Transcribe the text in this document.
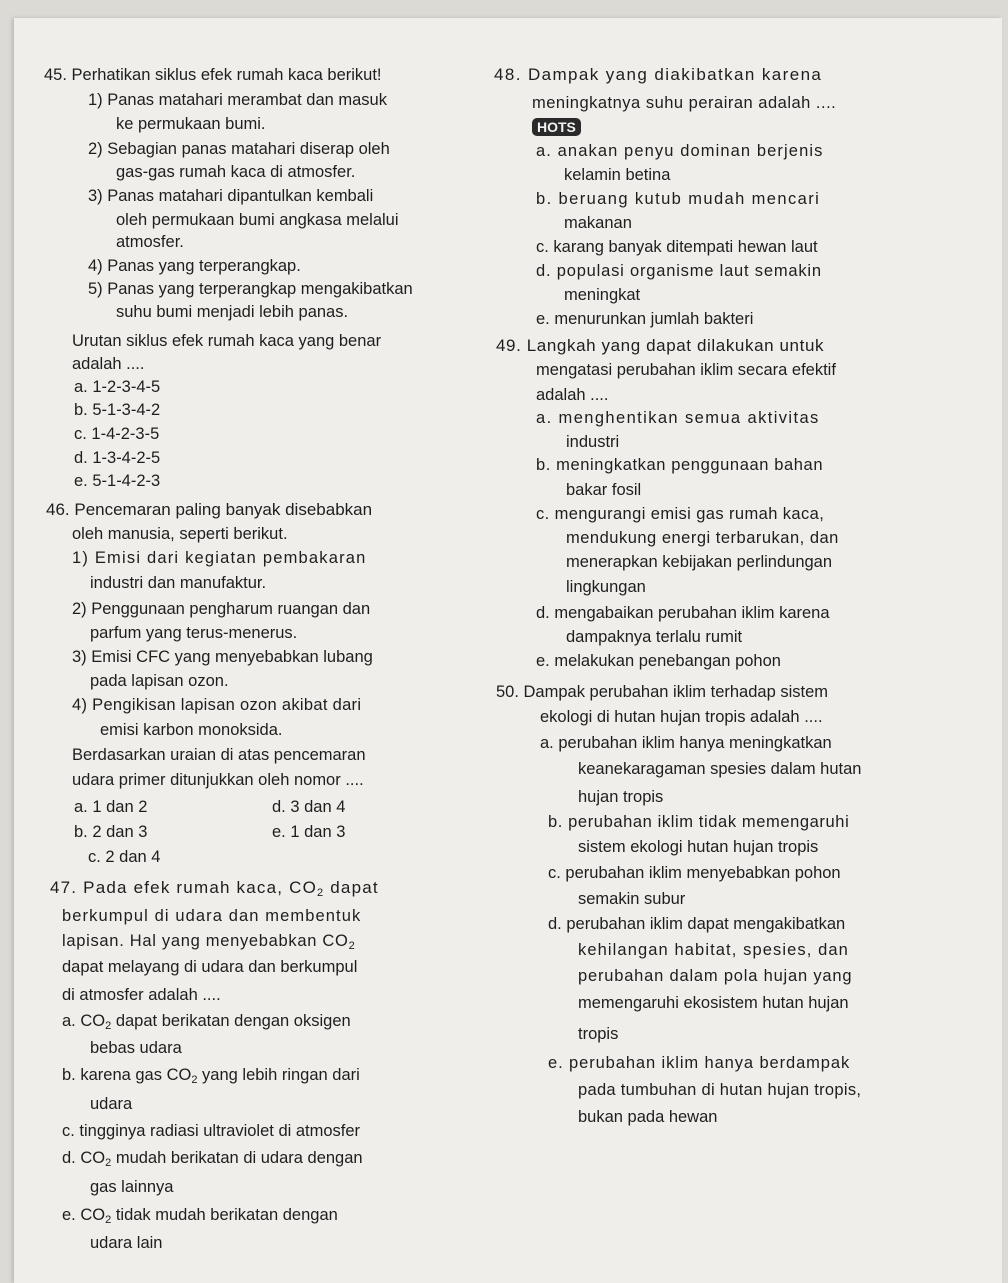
45. Perhatikan siklus efek rumah kaca berikut!
1) Panas matahari merambat dan masuk
ke permukaan bumi.
2) Sebagian panas matahari diserap oleh
gas-gas rumah kaca di atmosfer.
3) Panas matahari dipantulkan kembali
oleh permukaan bumi angkasa melalui
atmosfer.
4) Panas yang terperangkap.
5) Panas yang terperangkap mengakibatkan
suhu bumi menjadi lebih panas.
Urutan siklus efek rumah kaca yang benar
adalah ....
a. 1-2-3-4-5
b. 5-1-3-4-2
c. 1-4-2-3-5
d. 1-3-4-2-5
e. 5-1-4-2-3
46. Pencemaran paling banyak disebabkan
oleh manusia, seperti berikut.
1) Emisi dari kegiatan pembakaran
industri dan manufaktur.
2) Penggunaan pengharum ruangan dan
parfum yang terus-menerus.
3) Emisi CFC yang menyebabkan lubang
pada lapisan ozon.
4) Pengikisan lapisan ozon akibat dari
emisi karbon monoksida.
Berdasarkan uraian di atas pencemaran
udara primer ditunjukkan oleh nomor ....
a. 1 dan 2	d. 3 dan 4
b. 2 dan 3	e. 1 dan 3
c. 2 dan 4
47. Pada efek rumah kaca, $CO_2$ dapat
berkumpul di udara dan membentuk
lapisan. Hal yang menyebabkan $CO_2$
dapat melayang di udara dan berkumpul
di atmosfer adalah ....
a. $CO_2$ dapat berikatan dengan oksigen
bebas udara
b. karena gas $CO_2$ yang lebih ringan dari
udara
c. tingginya radiasi ultraviolet di atmosfer
d. $CO_2$ mudah berikatan di udara dengan
gas lainnya
e. $CO_2$ tidak mudah berikatan dengan
udara lain
48. Dampak yang diakibatkan karena
meningkatnya suhu perairan adalah ....
HOTS
a. anakan penyu dominan berjenis
kelamin betina
b. beruang kutub mudah mencari
makanan
c. karang banyak ditempati hewan laut
d. populasi organisme laut semakin
meningkat
e. menurunkan jumlah bakteri
49. Langkah yang dapat dilakukan untuk
mengatasi perubahan iklim secara efektif
adalah ....
a. menghentikan semua aktivitas
industri
b. meningkatkan penggunaan bahan
bakar fosil
c. mengurangi emisi gas rumah kaca,
mendukung energi terbarukan, dan
menerapkan kebijakan perlindungan
lingkungan
d. mengabaikan perubahan iklim karena
dampaknya terlalu rumit
e. melakukan penebangan pohon
50. Dampak perubahan iklim terhadap sistem
ekologi di hutan hujan tropis adalah ....
a. perubahan iklim hanya meningkatkan
keanekaragaman spesies dalam hutan
hujan tropis
b. perubahan iklim tidak memengaruhi
sistem ekologi hutan hujan tropis
c. perubahan iklim menyebabkan pohon
semakin subur
d. perubahan iklim dapat mengakibatkan
kehilangan habitat, spesies, dan
perubahan dalam pola hujan yang
memengaruhi ekosistem hutan hujan
tropis
e. perubahan iklim hanya berdampak
pada tumbuhan di hutan hujan tropis,
bukan pada hewan
